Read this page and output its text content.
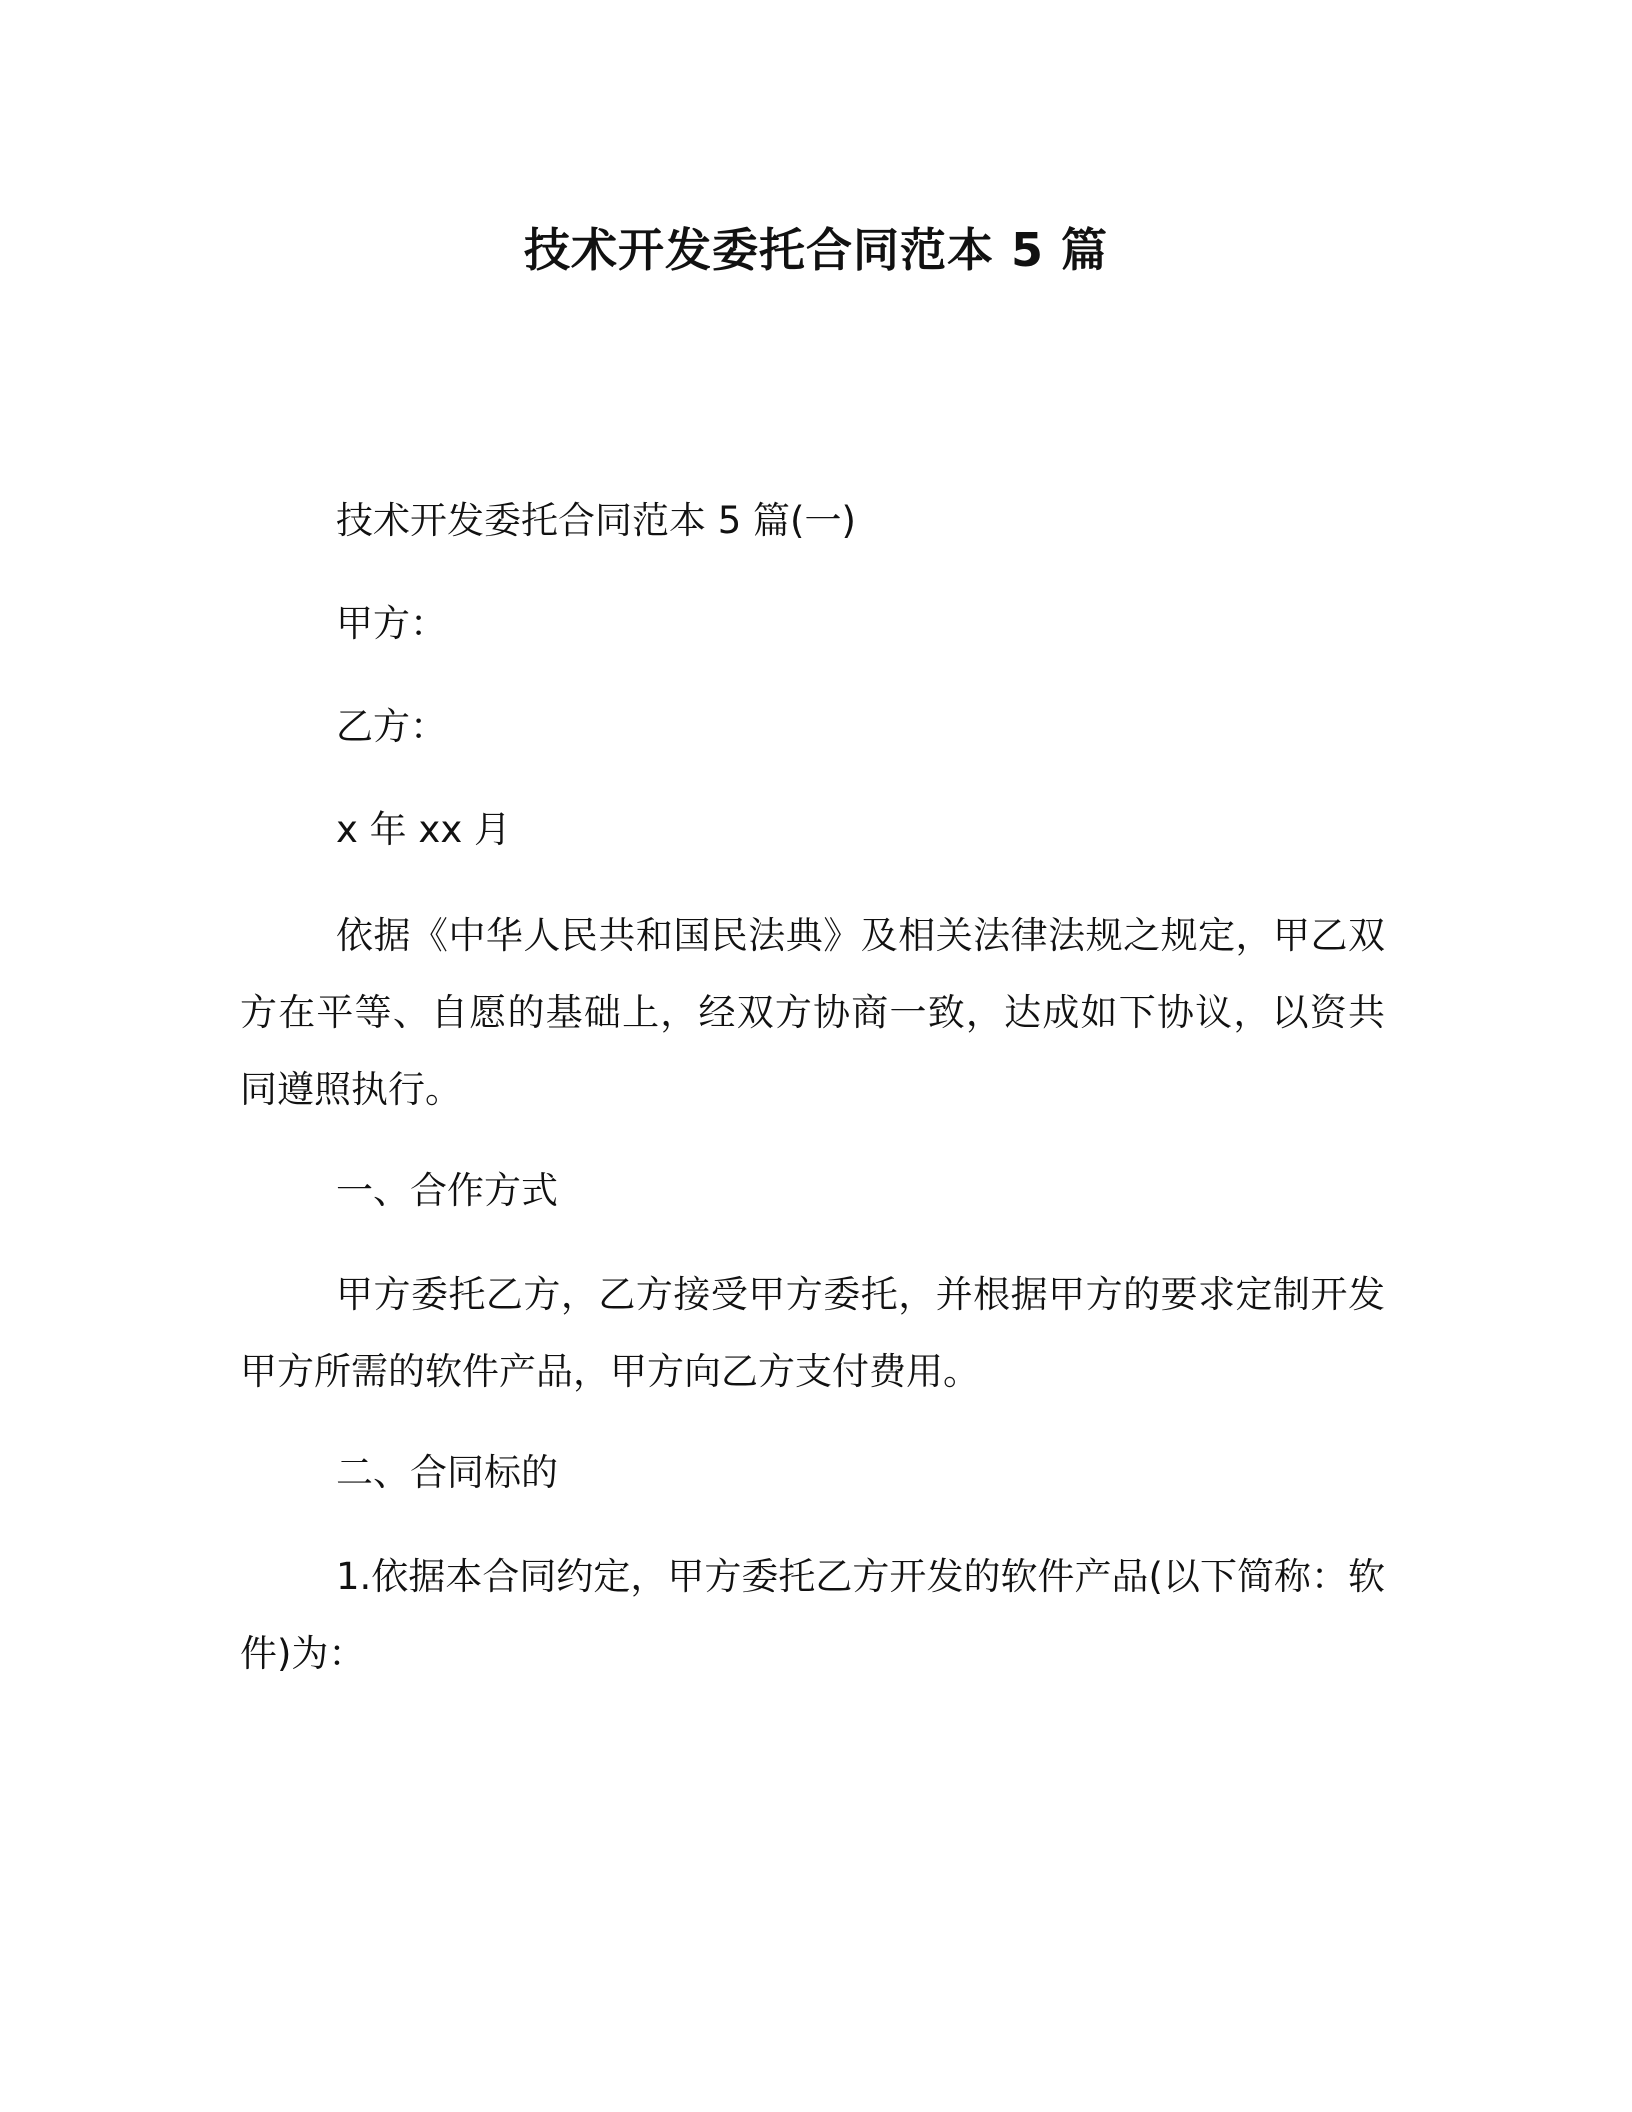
技术开发委托合同范本 5 篇
技术开发委托合同范本 5 篇(一)
甲方：
乙方：
x 年 xx 月

依据《中华人民共和国民法典》及相关法律法规之规定，甲乙双方在平等、自愿的基础上，经双方协商一致，达成如下协议，以资共同遵照执行。

一、合作方式

甲方委托乙方，乙方接受甲方委托，并根据甲方的要求定制开发甲方所需的软件产品，甲方向乙方支付费用。

二、合同标的

1.依据本合同约定，甲方委托乙方开发的软件产品(以下简称：软件)为：
